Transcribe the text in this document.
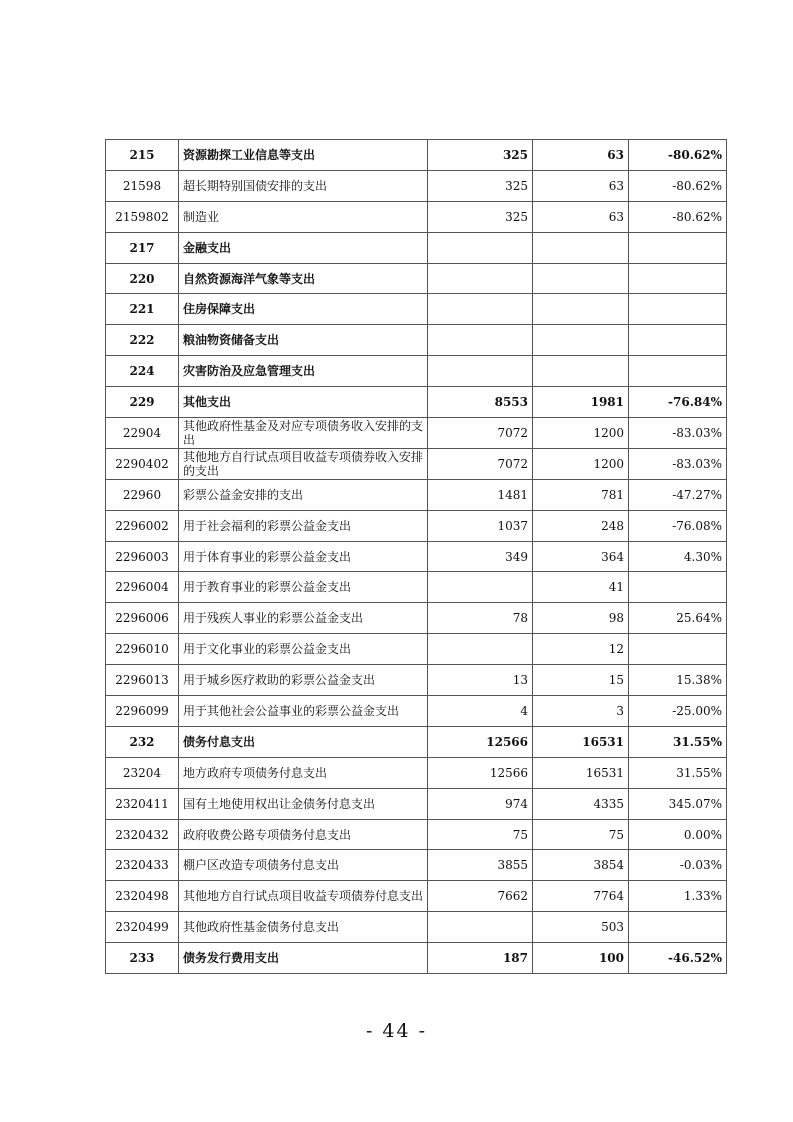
215	资源勘探工业信息等支出	325	63	-80.62%
21598	超长期特别国债安排的支出	325	63	-80.62%
2159802	制造业	325	63	-80.62%
217	金融支出			
220	自然资源海洋气象等支出			
221	住房保障支出			
222	粮油物资储备支出			
224	灾害防治及应急管理支出			
229	其他支出	8553	1981	-76.84%
22904	其他政府性基金及对应专项债务收入安排的支出	7072	1200	-83.03%
2290402	其他地方自行试点项目收益专项债券收入安排的支出	7072	1200	-83.03%
22960	彩票公益金安排的支出	1481	781	-47.27%
2296002	用于社会福利的彩票公益金支出	1037	248	-76.08%
2296003	用于体育事业的彩票公益金支出	349	364	4.30%
2296004	用于教育事业的彩票公益金支出		41	
2296006	用于残疾人事业的彩票公益金支出	78	98	25.64%
2296010	用于文化事业的彩票公益金支出		12	
2296013	用于城乡医疗救助的彩票公益金支出	13	15	15.38%
2296099	用于其他社会公益事业的彩票公益金支出	4	3	-25.00%
232	债务付息支出	12566	16531	31.55%
23204	地方政府专项债务付息支出	12566	16531	31.55%
2320411	国有土地使用权出让金债务付息支出	974	4335	345.07%
2320432	政府收费公路专项债务付息支出	75	75	0.00%
2320433	棚户区改造专项债务付息支出	3855	3854	-0.03%
2320498	其他地方自行试点项目收益专项债券付息支出	7662	7764	1.33%
2320499	其他政府性基金债务付息支出		503	
233	债务发行费用支出	187	100	-46.52%
- 44 -
